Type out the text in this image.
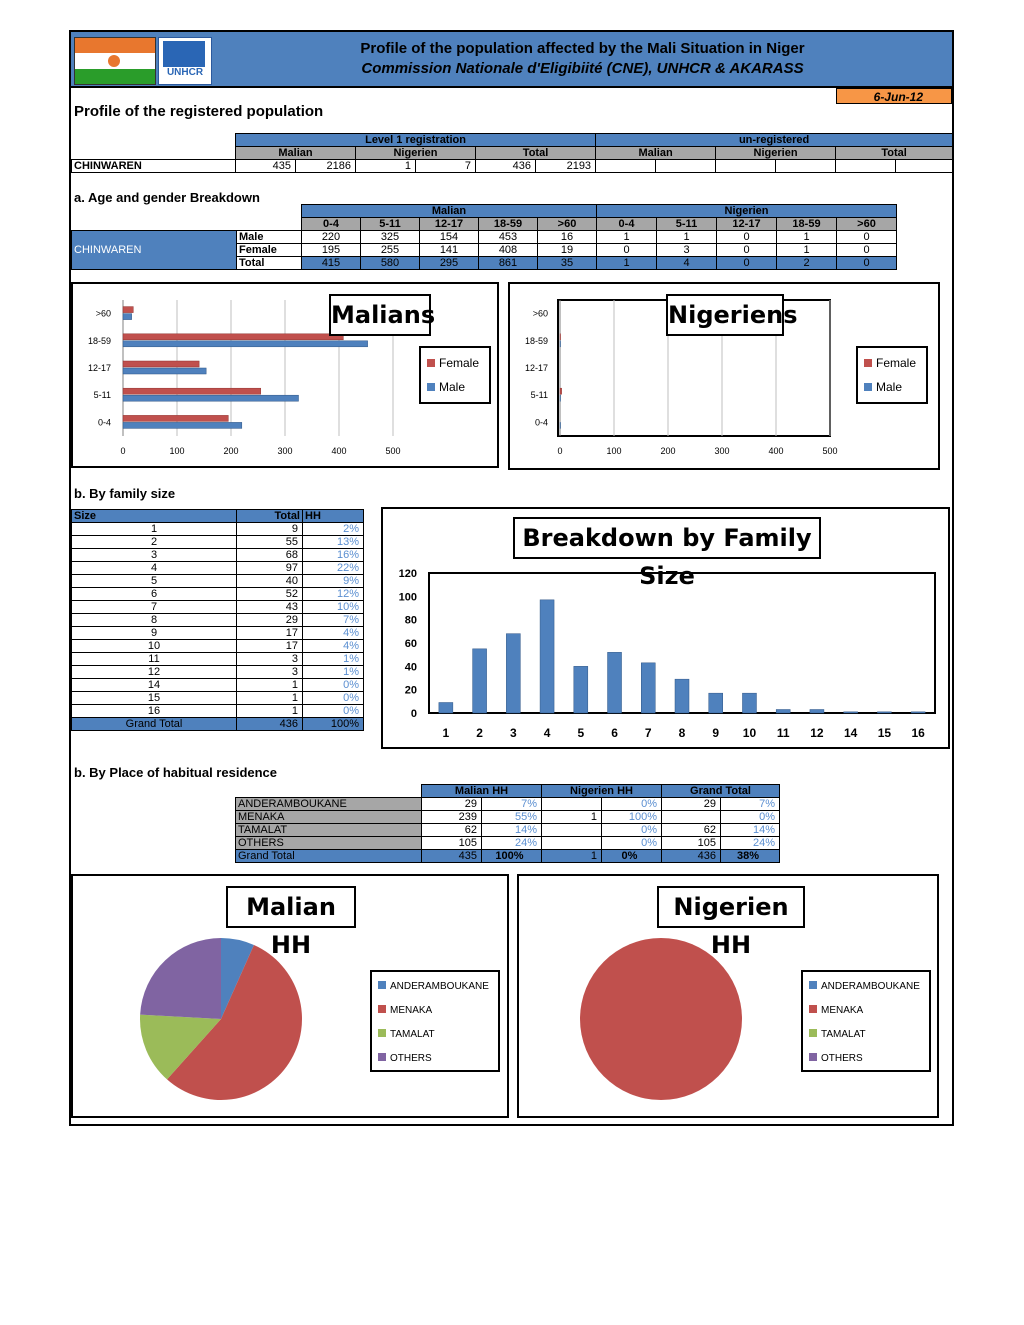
UNHCR
Profile of the population affected by the Mali Situation in Niger
Commission Nationale d'Eligibiité (CNE), UNHCR & AKARASS
6-Jun-12
Profile of the registered population
	Level 1 registration						un-registered					
	Malian		Nigerien		Total		Malian		Nigerien		Total	
CHINWAREN	435	2186	1	7	436	2193						
a. Age and gender Breakdown
		Malian					Nigerien				
		0-4	5-11	12-17	18-59	>60	0-4	5-11	12-17	18-59	>60
CHINWAREN	Male	220	325	154	453	16	1	1	0	1	0
	Female	195	255	141	408	19	0	3	0	1	0
	Total	415	580	295	861	35	1	4	0	2	0
0	100	200	300	400	500
0-4
5-11
12-17
18-59
>60	Malians
Female
Male
0	100	200	300	400	500
0-4
5-11
12-17
18-59
>60	Nigeriens
Female
Male
b. By family size
Size	Total	HH
1	9	2%
2	55	13%
3	68	16%
4	97	22%
5	40	9%
6	52	12%
7	43	10%
8	29	7%
9	17	4%
10	17	4%
11	3	1%
12	3	1%
14	1	0%
15	1	0%
16	1	0%
Grand Total	436	100%
0
20
40
60
80
100
120
1 2 3 4 5 6 7 8 9 10 11 12 14 15 16
Breakdown by Family Size
b. By Place of habitual residence
	Malian HH		Nigerien HH		Grand Total	
ANDERAMBOUKANE	29	7%		0%	29	7%
MENAKA	239	55%	1	100%		0%
TAMALAT	62	14%		0%	62	14%
OTHERS	105	24%		0%	105	24%
Grand Total	435	100%	1	0%	436	38%
Malian HH
ANDERAMBOUKANE
MENAKA
TAMALAT
OTHERS
Nigerien HH
ANDERAMBOUKANE
MENAKA
TAMALAT
OTHERS
